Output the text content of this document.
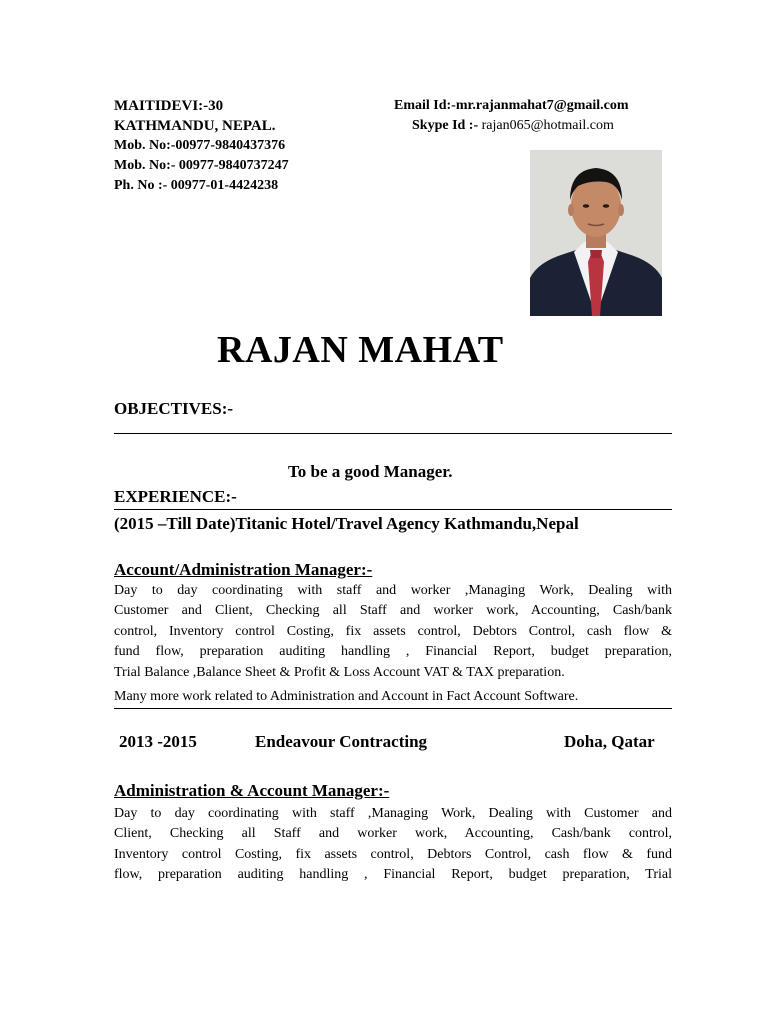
MAITIDEVI:-30
KATHMANDU, NEPAL.
Mob. No:-00977-9840437376
Mob. No:- 00977-9840737247
Ph. No :- 00977-01-4424238
Email Id:-mr.rajanmahat7@gmail.com
Skype Id :- rajan065@hotmail.com
RAJAN MAHAT
OBJECTIVES:-
To be a good Manager.
EXPERIENCE:-
(2015 –Till Date)Titanic Hotel/Travel Agency Kathmandu,Nepal
Account/Administration Manager:-
Day to day coordinating with staff and worker ,Managing Work, Dealing with
Customer and Client, Checking all Staff and worker work, Accounting, Cash/bank
control, Inventory control Costing, fix assets control, Debtors Control, cash flow &
fund flow, preparation auditing handling , Financial Report, budget preparation,
Trial Balance ,Balance Sheet & Profit & Loss Account VAT & TAX preparation.
Many more work related to Administration and Account in Fact Account Software.
2013 -2015	Endeavour Contracting	Doha, Qatar
Administration & Account Manager:-
Day to day coordinating with staff ,Managing Work, Dealing with Customer and
Client, Checking all Staff and worker work, Accounting, Cash/bank control,
Inventory control Costing, fix assets control, Debtors Control, cash flow & fund
flow, preparation auditing handling , Financial Report, budget preparation, Trial
